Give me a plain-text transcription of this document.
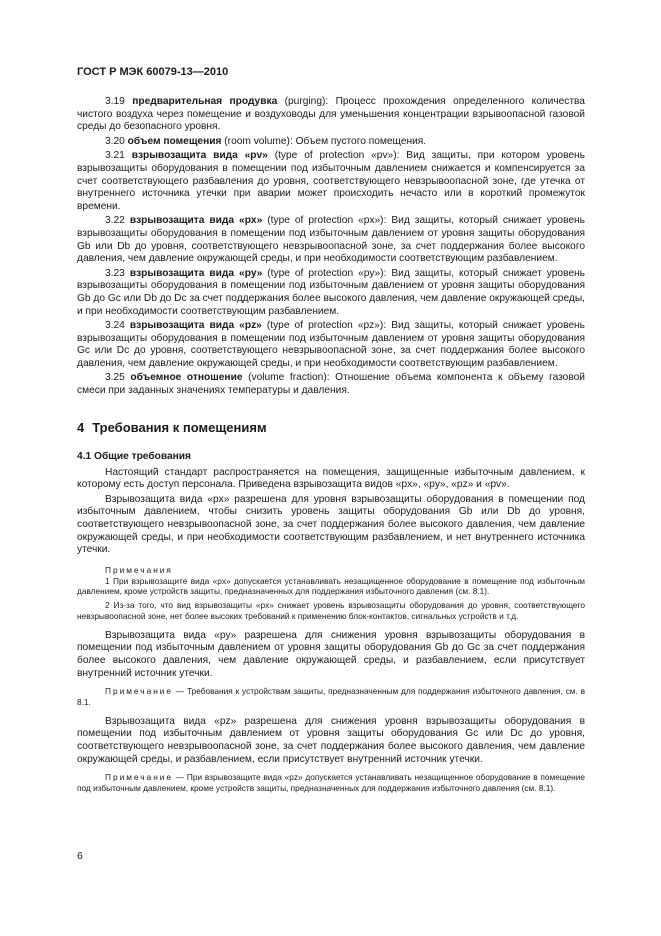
ГОСТ Р МЭК 60079-13—2010

3.19 предварительная продувка (purging): Процесс прохождения определенного количества чистого воздуха через помещение и воздуховоды для уменьшения концентрации взрывоопасной газовой среды до безопасного уровня.

3.20 объем помещения (room volume): Объем пустого помещения.

3.21 взрывозащита вида «pv» (type of protection «pv»): Вид защиты, при котором уровень взрывозащиты оборудования в помещении под избыточным давлением снижается и компенсируется за счет соответствующего разбавления до уровня, соответствующего невзрывоопасной зоне, где утечка от внутреннего источника утечки при аварии может происходить нечасто или в короткий промежуток времени.

3.22 взрывозащита вида «px» (type of protection «px»): Вид защиты, который снижает уровень взрывозащиты оборудования в помещении под избыточным давлением от уровня защиты оборудования Gb или Db до уровня, соответствующего невзрывоопасной зоне, за счет поддержания более высокого давления, чем давление окружающей среды, и при необходимости соответствующим разбавлением.

3.23 взрывозащита вида «py» (type of protection «py»): Вид защиты, который снижает уровень взрывозащиты оборудования в помещении под избыточным давлением от уровня защиты оборудования Gb до Gc или Db до Dc за счет поддержания более высокого давления, чем давление окружающей среды, и при необходимости соответствующим разбавлением.

3.24 взрывозащита вида «pz» (type of protection «pz»): Вид защиты, который снижает уровень взрывозащиты оборудования в помещении под избыточным давлением от уровня защиты оборудования Gc или Dc до уровня, соответствующего невзрывоопасной зоне, за счет поддержания более высокого давления, чем давление окружающей среды, и при необходимости соответствующим разбавлением.

3.25 объемное отношение (volume fraction): Отношение объема компонента к объему газовой смеси при заданных значениях температуры и давления.

4 Требования к помещениям
4.1 Общие требования

Настоящий стандарт распространяется на помещения, защищенные избыточным давлением, к которому есть доступ персонала. Приведена взрывозащита видов «px», «py», «pz» и «pv».

Взрывозащита вида «px» разрешена для уровня взрывозащиты оборудования в помещении под избыточным давлением, чтобы снизить уровень защиты оборудования Gb или Db до уровня, соответствующего невзрывоопасной зоне, за счет поддержания более высокого давления, чем давление окружающей среды, и при необходимости соответствующим разбавлением, и нет внутреннего источника утечки.

Примечания
1 При взрывозащите вида «px» допускается устанавливать незащищенное оборудование в помещение под избыточным давлением, кроме устройств защиты, предназначенных для поддержания избыточного давления (см. 8.1).
2 Из-за того, что вид взрывозащиты «px» снижает уровень взрывозащиты оборудования до уровня, соответствующего невзрывоопасной зоне, нет более высоких требований к применению блок-контактов, сигнальных устройств и т.д.

Взрывозащита вида «py» разрешена для снижения уровня взрывозащиты оборудования в помещении под избыточным давлением от уровня защиты оборудования Gb до Gc за счет поддержания более высокого давления, чем давление окружающей среды, и разбавлением, если присутствует внутренний источник утечки.

Примечание — Требования к устройствам защиты, предназначенным для поддержания избыточного давления, см. в 8.1.

Взрывозащита вида «pz» разрешена для снижения уровня взрывозащиты оборудования в помещении под избыточным давлением от уровня защиты оборудования Gc или Dc до уровня, соответствующего невзрывоопасной зоне, за счет поддержания более высокого давления, чем давление окружающей среды, и разбавлением, если присутствует внутренний источник утечки.

Примечание — При взрывозащите вида «pz» допускается устанавливать незащищенное оборудование в помещение под избыточным давлением, кроме устройств защиты, предназначенных для поддержания избыточного давления (см. 8.1).
6
